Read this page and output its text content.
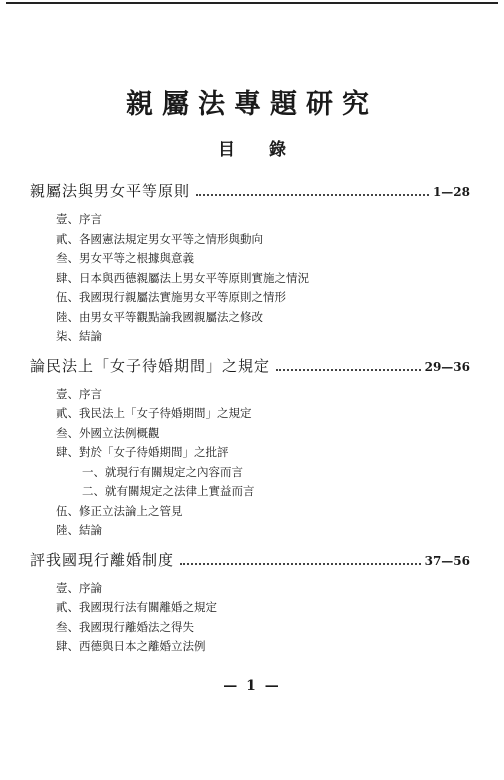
親屬法專題研究
目錄
親屬法與男女平等原則	1—28
壹、序言
貳、各國憲法規定男女平等之情形與動向
叁、男女平等之根據與意義
肆、日本與西德親屬法上男女平等原則實施之情況
伍、我國現行親屬法實施男女平等原則之情形
陸、由男女平等觀點論我國親屬法之修改
柒、結論
論民法上「女子待婚期間」之規定	29—36
壹、序言
貳、我民法上「女子待婚期間」之規定
叁、外國立法例概觀
肆、對於「女子待婚期間」之批評
一、就現行有關規定之內容而言
二、就有關規定之法律上實益而言
伍、修正立法論上之管見
陸、結論
評我國現行離婚制度	37—56
壹、序論
貳、我國現行法有關離婚之規定
叁、我國現行離婚法之得失
肆、西德與日本之離婚立法例
— 1 —
